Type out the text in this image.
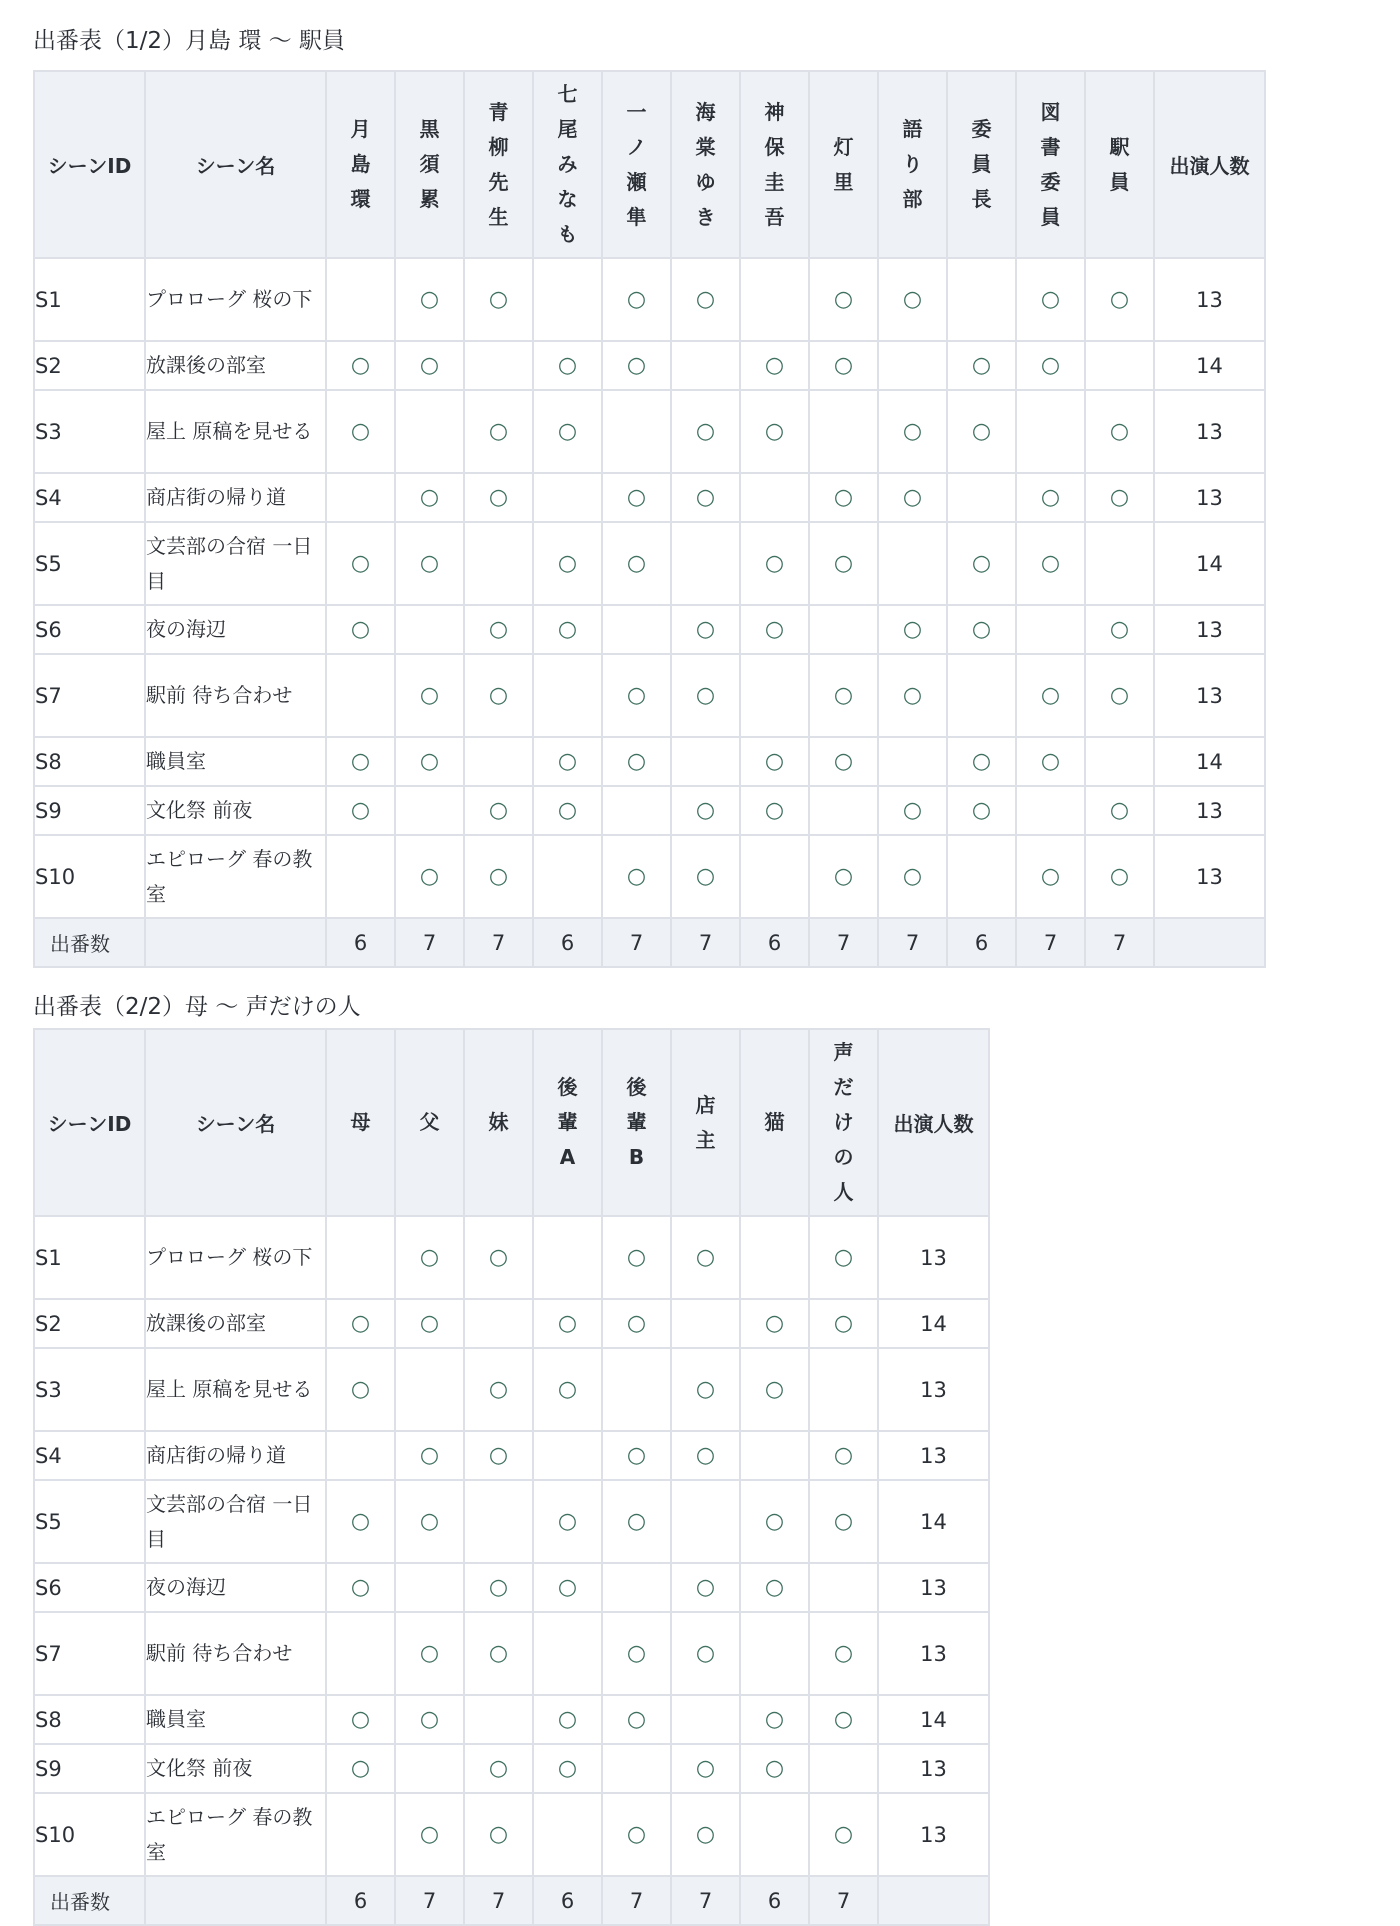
出番表（1/2）月島 環 〜 駅員
シーンID	シーン名	月島環	黒須累	青柳先生	七尾みなも	一ノ瀬隼	海棠ゆき	神保圭吾	灯里	語り部	委員長	図書委員	駅員	出演人数
S1	プロローグ 桜の下		○	○		○	○		○	○		○	○	13
S2	放課後の部室	○	○		○	○		○	○		○	○		14
S3	屋上 原稿を見せる	○		○	○		○	○		○	○		○	13
S4	商店街の帰り道		○	○		○	○		○	○		○	○	13
S5	文芸部の合宿 一日目	○	○		○	○		○	○		○	○		14
S6	夜の海辺	○		○	○		○	○		○	○		○	13
S7	駅前 待ち合わせ		○	○		○	○		○	○		○	○	13
S8	職員室	○	○		○	○		○	○		○	○		14
S9	文化祭 前夜	○		○	○		○	○		○	○		○	13
S10	エピローグ 春の教室		○	○		○	○		○	○		○	○	13
出番数		6	7	7	6	7	7	6	7	7	6	7	7	
出番表（2/2）母 〜 声だけの人
シーンID	シーン名	母	父	妹	後輩A	後輩B	店主	猫	声だけの人	出演人数
S1	プロローグ 桜の下		○	○		○	○		○	13
S2	放課後の部室	○	○		○	○		○	○	14
S3	屋上 原稿を見せる	○		○	○		○	○		13
S4	商店街の帰り道		○	○		○	○		○	13
S5	文芸部の合宿 一日目	○	○		○	○		○	○	14
S6	夜の海辺	○		○	○		○	○		13
S7	駅前 待ち合わせ		○	○		○	○		○	13
S8	職員室	○	○		○	○		○	○	14
S9	文化祭 前夜	○		○	○		○	○		13
S10	エピローグ 春の教室		○	○		○	○		○	13
出番数		6	7	7	6	7	7	6	7	
